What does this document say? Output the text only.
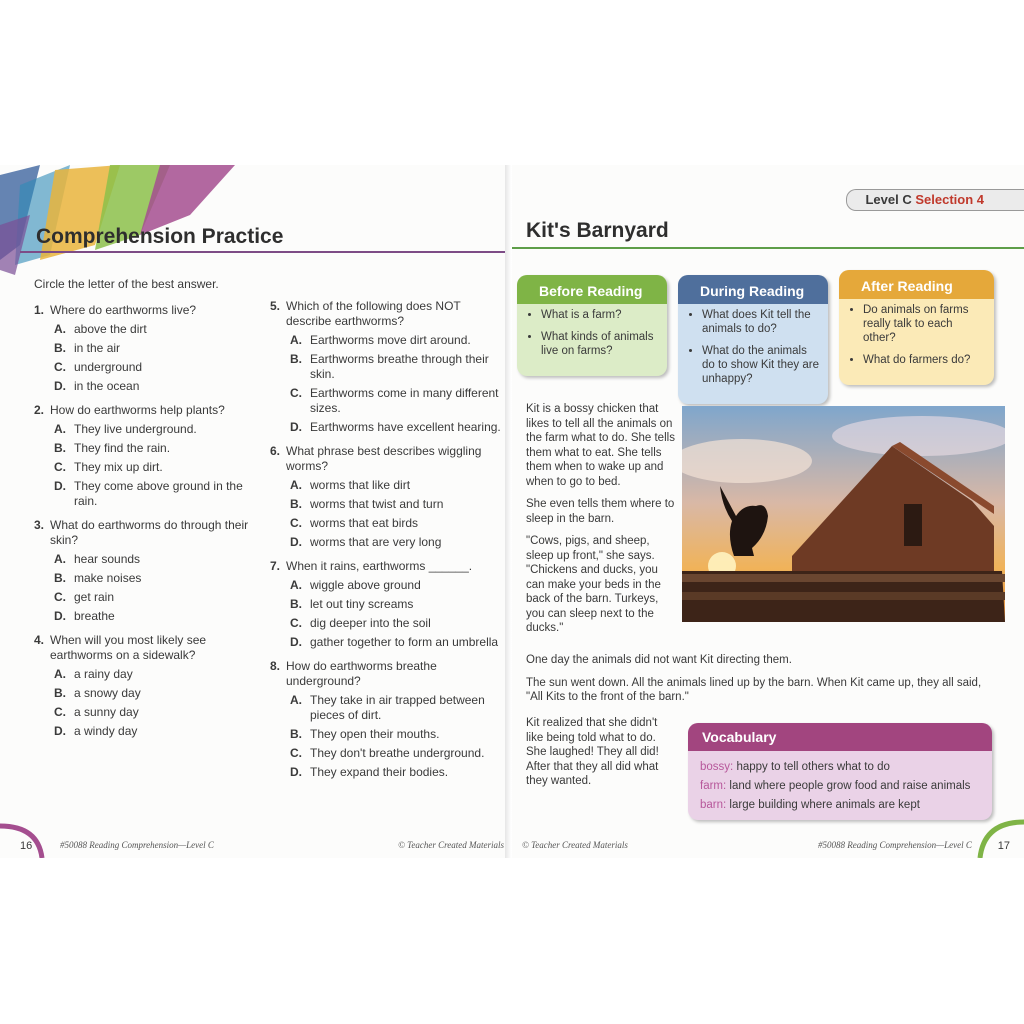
Comprehension Practice
Circle the letter of the best answer.
1. Where do earthworms live?
A. above the dirt
B. in the air
C. underground
D. in the ocean
2. How do earthworms help plants?
A. They live underground.
B. They find the rain.
C. They mix up dirt.
D. They come above ground in the rain.
3. What do earthworms do through their skin?
A. hear sounds
B. make noises
C. get rain
D. breathe
4. When will you most likely see earthworms on a sidewalk?
A. a rainy day
B. a snowy day
C. a sunny day
D. a windy day
5. Which of the following does NOT describe earthworms?
A. Earthworms move dirt around.
B. Earthworms breathe through their skin.
C. Earthworms come in many different sizes.
D. Earthworms have excellent hearing.
6. What phrase best describes wiggling worms?
A. worms that like dirt
B. worms that twist and turn
C. worms that eat birds
D. worms that are very long
7. When it rains, earthworms ______.
A. wiggle above ground
B. let out tiny screams
C. dig deeper into the soil
D. gather together to form an umbrella
8. How do earthworms breathe underground?
A. They take in air trapped between pieces of dirt.
B. They open their mouths.
C. They don't breathe underground.
D. They expand their bodies.
16	#50088 Reading Comprehension—Level C	© Teacher Created Materials
Level C Selection 4
Kit's Barnyard
Before Reading
• What is a farm?
• What kinds of animals live on farms?
During Reading
• What does Kit tell the animals to do?
• What do the animals do to show Kit they are unhappy?
After Reading
• Do animals on farms really talk to each other?
• What do farmers do?

Kit is a bossy chicken that likes to tell all the animals on the farm what to do. She tells them what to eat. She tells them when to wake up and when to go to bed.

She even tells them where to sleep in the barn.

"Cows, pigs, and sheep, sleep up front," she says. "Chickens and ducks, you can make your beds in the back of the barn. Turkeys, you can sleep next to the ducks."

One day the animals did not want Kit directing them.

The sun went down. All the animals lined up by the barn. When Kit came up, they all said, "All Kits to the front of the barn."

Kit realized that she didn't like being told what to do. She laughed! They all did! After that they all did what they wanted.

Vocabulary
bossy: happy to tell others what to do
farm: land where people grow food and raise animals
barn: large building where animals are kept
© Teacher Created Materials	#50088 Reading Comprehension—Level C 17
